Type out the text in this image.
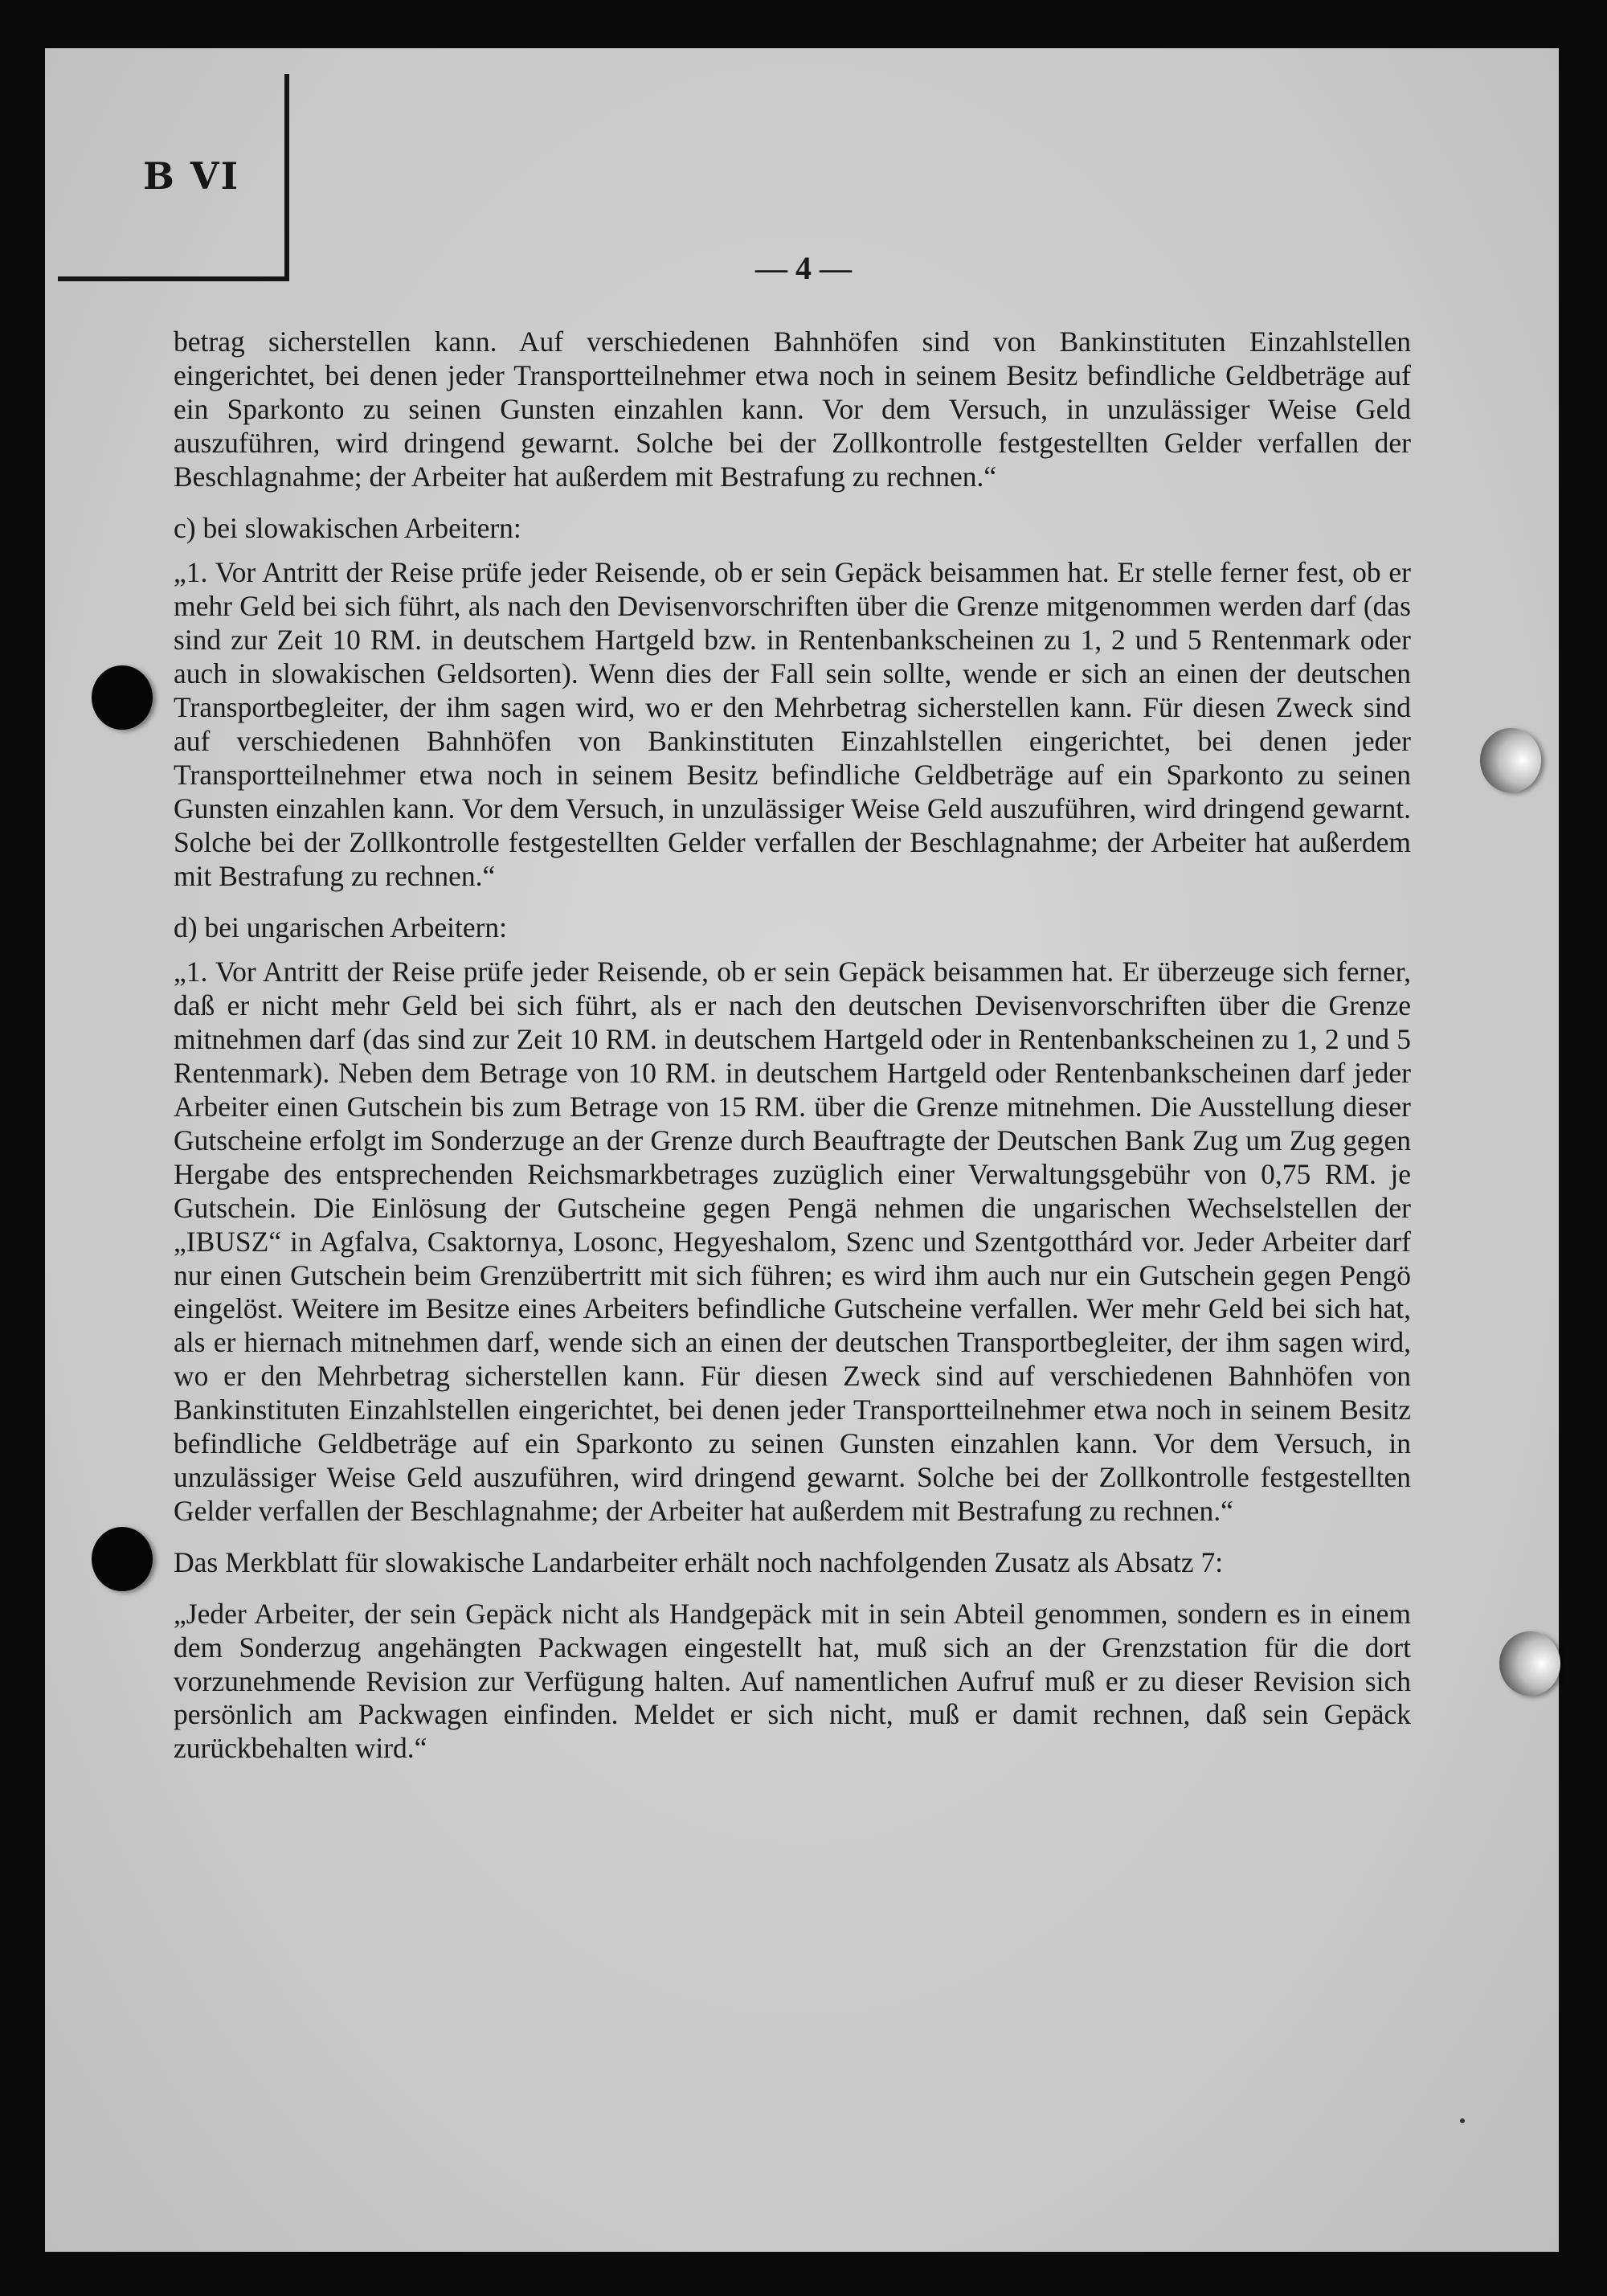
B VI
— 4 —

betrag sicherstellen kann. Auf verschiedenen Bahnhöfen sind von Bankinstituten Einzahlstellen eingerichtet, bei denen jeder Transportteilnehmer etwa noch in seinem Besitz befindliche Geldbeträge auf ein Sparkonto zu seinen Gunsten einzahlen kann. Vor dem Versuch, in unzulässiger Weise Geld auszuführen, wird dringend gewarnt. Solche bei der Zollkontrolle festgestellten Gelder verfallen der Beschlagnahme; der Arbeiter hat außerdem mit Bestrafung zu rechnen.“

c) bei slowakischen Arbeitern:

„1. Vor Antritt der Reise prüfe jeder Reisende, ob er sein Gepäck beisammen hat. Er stelle ferner fest, ob er mehr Geld bei sich führt, als nach den Devisenvorschriften über die Grenze mitgenommen werden darf (das sind zur Zeit 10 RM. in deutschem Hartgeld bzw. in Rentenbankscheinen zu 1, 2 und 5 Rentenmark oder auch in slowakischen Geldsorten). Wenn dies der Fall sein sollte, wende er sich an einen der deutschen Transportbegleiter, der ihm sagen wird, wo er den Mehrbetrag sicherstellen kann. Für diesen Zweck sind auf verschiedenen Bahnhöfen von Bankinstituten Einzahlstellen eingerichtet, bei denen jeder Transportteilnehmer etwa noch in seinem Besitz befindliche Geldbeträge auf ein Sparkonto zu seinen Gunsten einzahlen kann. Vor dem Versuch, in unzulässiger Weise Geld auszuführen, wird dringend gewarnt. Solche bei der Zollkontrolle festgestellten Gelder verfallen der Beschlagnahme; der Arbeiter hat außerdem mit Bestrafung zu rechnen.“

d) bei ungarischen Arbeitern:

„1. Vor Antritt der Reise prüfe jeder Reisende, ob er sein Gepäck beisammen hat. Er überzeuge sich ferner, daß er nicht mehr Geld bei sich führt, als er nach den deutschen Devisenvorschriften über die Grenze mitnehmen darf (das sind zur Zeit 10 RM. in deutschem Hartgeld oder in Rentenbankscheinen zu 1, 2 und 5 Rentenmark). Neben dem Betrage von 10 RM. in deutschem Hartgeld oder Rentenbankscheinen darf jeder Arbeiter einen Gutschein bis zum Betrage von 15 RM. über die Grenze mitnehmen. Die Ausstellung dieser Gutscheine erfolgt im Sonderzuge an der Grenze durch Beauftragte der Deutschen Bank Zug um Zug gegen Hergabe des entsprechenden Reichsmarkbetrages zuzüglich einer Verwaltungsgebühr von 0,75 RM. je Gutschein. Die Einlösung der Gutscheine gegen Pengä nehmen die ungarischen Wechselstellen der „IBUSZ“ in Agfalva, Csaktornya, Losonc, Hegyeshalom, Szenc und Szentgotthárd vor. Jeder Arbeiter darf nur einen Gutschein beim Grenzübertritt mit sich führen; es wird ihm auch nur ein Gutschein gegen Pengö eingelöst. Weitere im Besitze eines Arbeiters befindliche Gutscheine verfallen. Wer mehr Geld bei sich hat, als er hiernach mitnehmen darf, wende sich an einen der deutschen Transportbegleiter, der ihm sagen wird, wo er den Mehrbetrag sicherstellen kann. Für diesen Zweck sind auf verschiedenen Bahnhöfen von Bankinstituten Einzahlstellen eingerichtet, bei denen jeder Transportteilnehmer etwa noch in seinem Besitz befindliche Geldbeträge auf ein Sparkonto zu seinen Gunsten einzahlen kann. Vor dem Versuch, in unzulässiger Weise Geld auszuführen, wird dringend gewarnt. Solche bei der Zollkontrolle festgestellten Gelder verfallen der Beschlagnahme; der Arbeiter hat außerdem mit Bestrafung zu rechnen.“

Das Merkblatt für slowakische Landarbeiter erhält noch nachfolgenden Zusatz als Absatz 7:

„Jeder Arbeiter, der sein Gepäck nicht als Handgepäck mit in sein Abteil genommen, sondern es in einem dem Sonderzug angehängten Packwagen eingestellt hat, muß sich an der Grenzstation für die dort vorzunehmende Revision zur Verfügung halten. Auf namentlichen Aufruf muß er zu dieser Revision sich persönlich am Packwagen einfinden. Meldet er sich nicht, muß er damit rechnen, daß sein Gepäck zurückbehalten wird.“
